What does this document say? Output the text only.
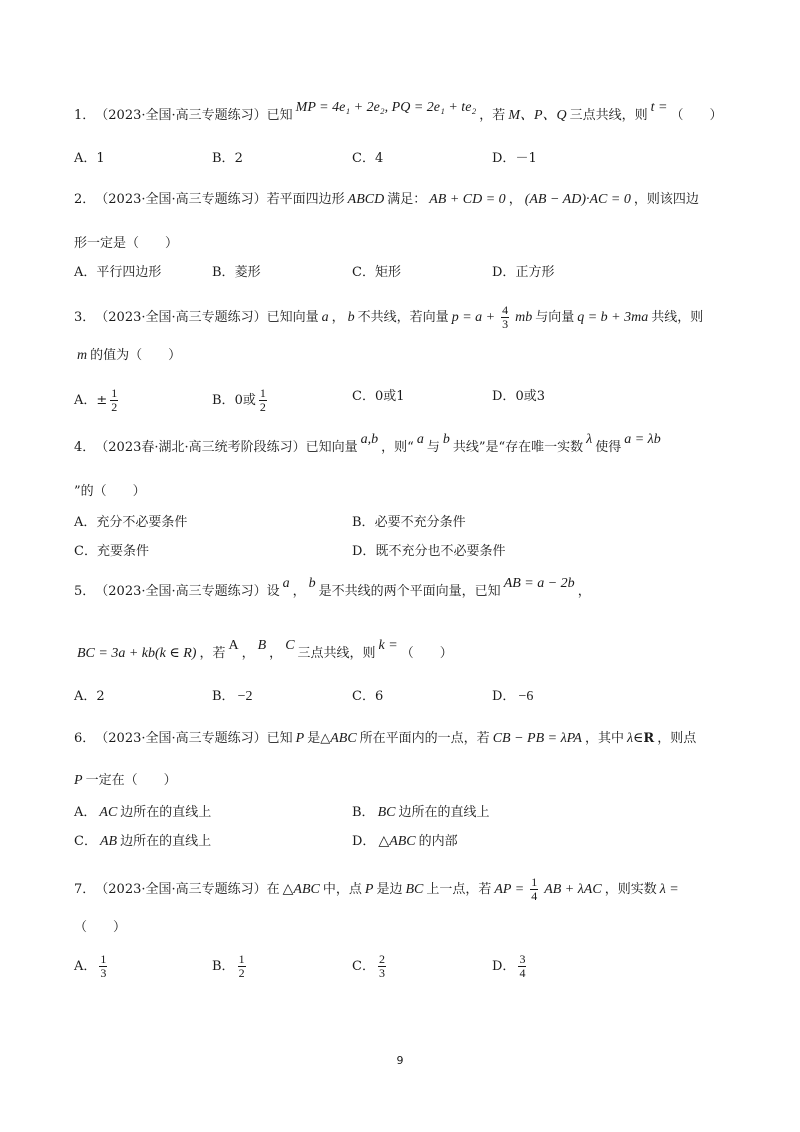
1． （2023·全国·高三专题练习） 已知
MP = 4e₁ + 2e₂, PQ = 2e₁ + te₂
，若 M、P、Q 三点共线，则
t =
（　　）
A． 1	B． 2	C． 4	D． －1
2． （2023·全国·高三专题练习） 若平面四边形 ABCD 满足： AB + CD = 0 ， (AB − AD)·AC = 0 ，则该四边
形一定是（　　）
A． 平行四边形	B． 菱形	C． 矩形	D． 正方形
3． （2023·全国·高三专题练习） 已知向量 a ， b 不共线，若向量 $p = a + \frac{4}{3}$ mb 与向量 q = b + 3ma 共线，则
m 的值为（　　）
A． ± $\frac{1}{2}$	B． 0或 $\frac{1}{2}$	C． 0或1	D． 0或3
4． （2023春·湖北·高三统考阶段练习） 已知向量
a,b
，则“
a
与
b
共线”是“存在唯一实数
λ
使得
a = λb
”的（　　）
A． 充分不必要条件	B． 必要不充分条件
C． 充要条件	D． 既不充分也不必要条件
5． （2023·全国·高三专题练习） 设
a
，
b
是不共线的两个平面向量，已知
AB = a − 2b
，
BC = 3a + kb(k ∈ R) ，若
A
，
B
，
C
三点共线，则
k =
（　　）
A． 2	B． −2	C． 6	D． −6
6． （2023·全国·高三专题练习） 已知 P 是△ ABC 所在平面内的一点，若 CB − PB = λPA ，其中 λ∈ R ，则点
P 一定在（　　）
A． AC 边所在的直线上	B． BC 边所在的直线上
C． AB 边所在的直线上	D． △ABC 的内部
7． （2023·全国·高三专题练习） 在 △ABC 中，点 P 是边 BC 上一点，若 AP = $\frac{1}{4}$ AB + λAC ，则实数 λ =
（　　）
A． $\frac{1}{3}$	B． $\frac{1}{2}$	C． $\frac{2}{3}$	D． $\frac{3}{4}$
9
